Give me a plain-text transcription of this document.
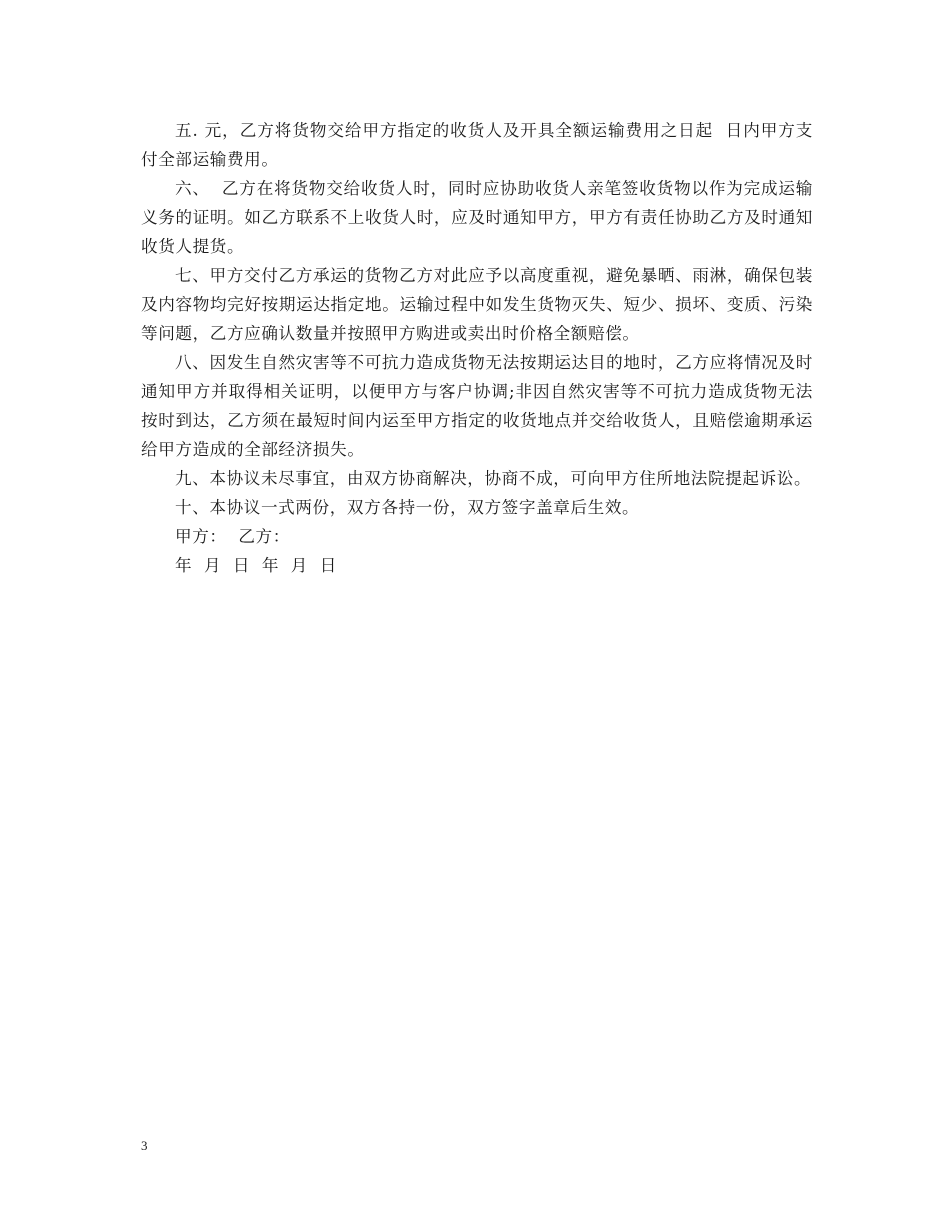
五. 元，乙方将货物交给甲方指定的收货人及开具全额运输费用之日起  日内甲方支付全部运输费用。

六、  乙方在将货物交给收货人时，同时应协助收货人亲笔签收货物以作为完成运输义务的证明。如乙方联系不上收货人时，应及时通知甲方，甲方有责任协助乙方及时通知收货人提货。

七、甲方交付乙方承运的货物乙方对此应予以高度重视，避免暴晒、雨淋，确保包装及内容物均完好按期运达指定地。运输过程中如发生货物灭失、短少、损坏、变质、污染等问题，乙方应确认数量并按照甲方购进或卖出时价格全额赔偿。

八、因发生自然灾害等不可抗力造成货物无法按期运达目的地时，乙方应将情况及时通知甲方并取得相关证明，以便甲方与客户协调;非因自然灾害等不可抗力造成货物无法按时到达，乙方须在最短时间内运至甲方指定的收货地点并交给收货人，且赔偿逾期承运给甲方造成的全部经济损失。

九、本协议未尽事宜，由双方协商解决，协商不成，可向甲方住所地法院提起诉讼。

十、本协议一式两份，双方各持一份，双方签字盖章后生效。

甲方：  乙方：

年  月  日  年  月  日

3
